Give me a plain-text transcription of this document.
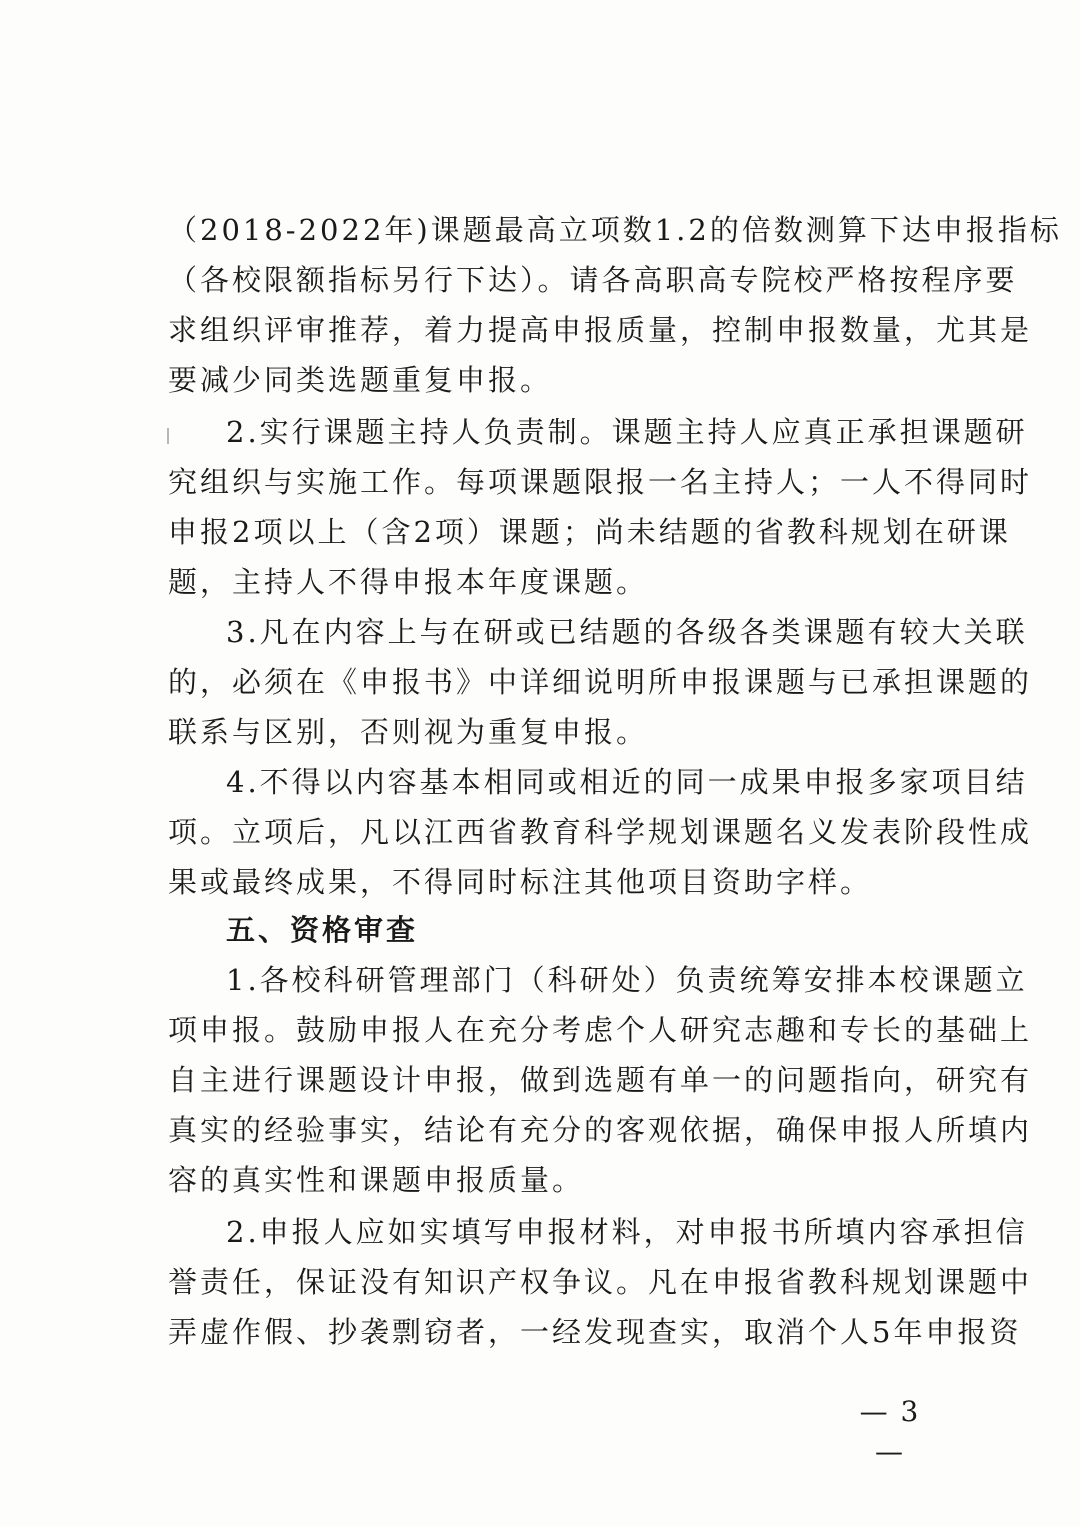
（2018-2022年)课题最高立项数1.2的倍数测算下达申报指标
（各校限额指标另行下达）。请各高职高专院校严格按程序要
求组织评审推荐，着力提高申报质量，控制申报数量，尤其是
要减少同类选题重复申报。
2.实行课题主持人负责制。课题主持人应真正承担课题研
究组织与实施工作。每项课题限报一名主持人；一人不得同时
申报2项以上（含2项）课题；尚未结题的省教科规划在研课
题，主持人不得申报本年度课题。
3.凡在内容上与在研或已结题的各级各类课题有较大关联
的，必须在《申报书》中详细说明所申报课题与已承担课题的
联系与区别，否则视为重复申报。
4.不得以内容基本相同或相近的同一成果申报多家项目结
项。立项后，凡以江西省教育科学规划课题名义发表阶段性成
果或最终成果，不得同时标注其他项目资助字样。
五、资格审查
1.各校科研管理部门（科研处）负责统筹安排本校课题立
项申报。鼓励申报人在充分考虑个人研究志趣和专长的基础上
自主进行课题设计申报，做到选题有单一的问题指向，研究有
真实的经验事实，结论有充分的客观依据，确保申报人所填内
容的真实性和课题申报质量。
2.申报人应如实填写申报材料，对申报书所填内容承担信
誉责任，保证没有知识产权争议。凡在申报省教科规划课题中
弄虚作假、抄袭剽窃者，一经发现查实，取消个人5年申报资
— 3 —
